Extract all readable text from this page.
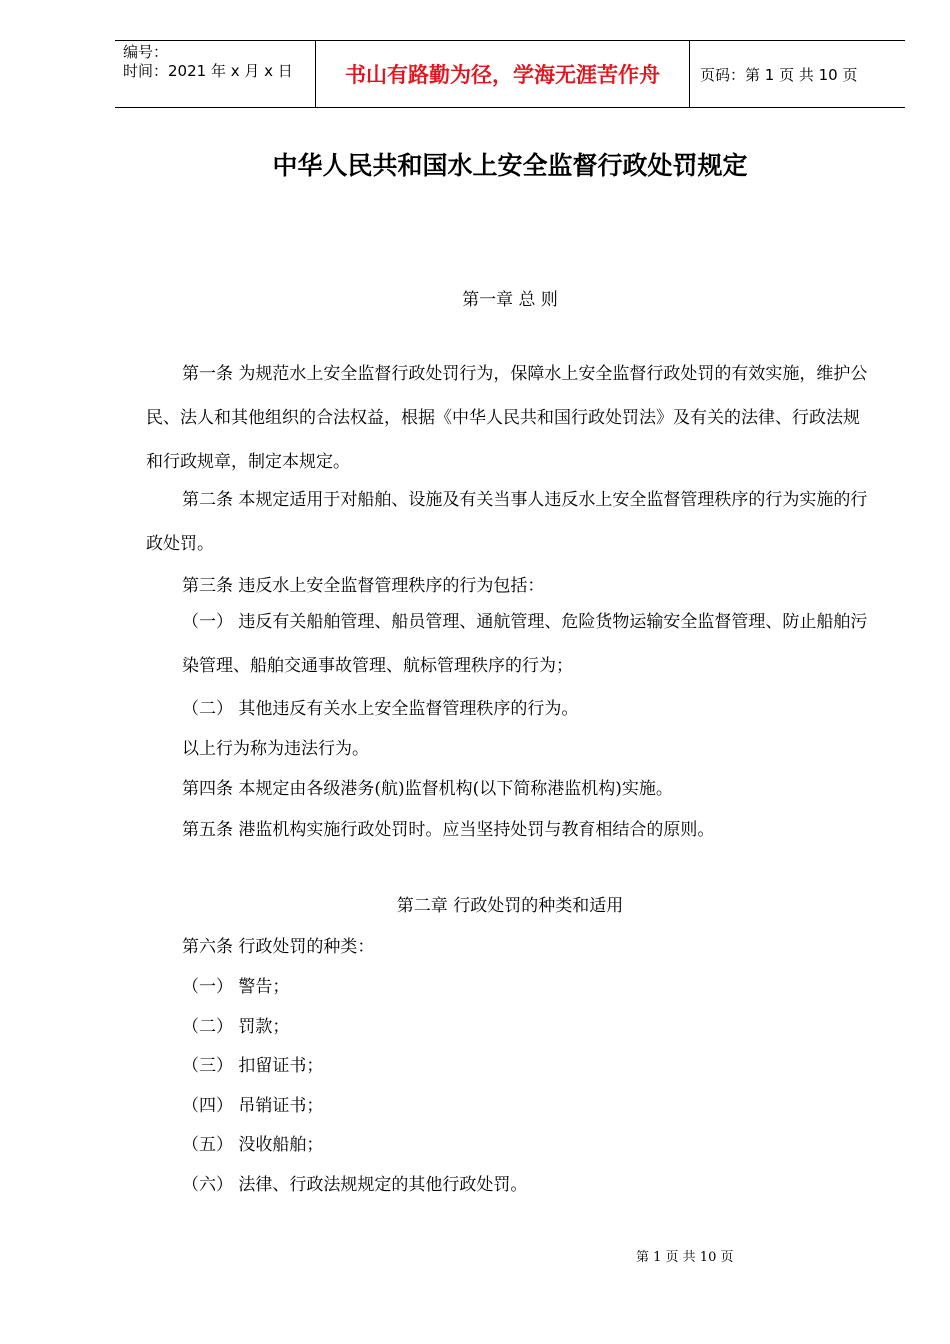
编号：
时间：2021 年 x 月 x 日	书山有路勤为径，学海无涯苦作舟	页码：第 1 页 共 10 页
中华人民共和国水上安全监督行政处罚规定

第一章 总 则

第一条 为规范水上安全监督行政处罚行为，保障水上安全监督行政处罚的有效实施，维护公民、法人和其他组织的合法权益，根据《中华人民共和国行政处罚法》及有关的法律、行政法规和行政规章，制定本规定。

第二条 本规定适用于对船舶、设施及有关当事人违反水上安全监督管理秩序的行为实施的行政处罚。

第三条 违反水上安全监督管理秩序的行为包括：

（一） 违反有关船舶管理、船员管理、通航管理、危险货物运输安全监督管理、防止船舶污染管理、船舶交通事故管理、航标管理秩序的行为；

（二） 其他违反有关水上安全监督管理秩序的行为。

以上行为称为违法行为。

第四条 本规定由各级港务(航)监督机构(以下简称港监机构)实施。

第五条 港监机构实施行政处罚时。应当坚持处罚与教育相结合的原则。

第二章 行政处罚的种类和适用

第六条 行政处罚的种类：

（一） 警告；

（二） 罚款；

（三） 扣留证书；

（四） 吊销证书；

（五） 没收船舶；

（六） 法律、行政法规规定的其他行政处罚。

第 1 页 共 10 页
